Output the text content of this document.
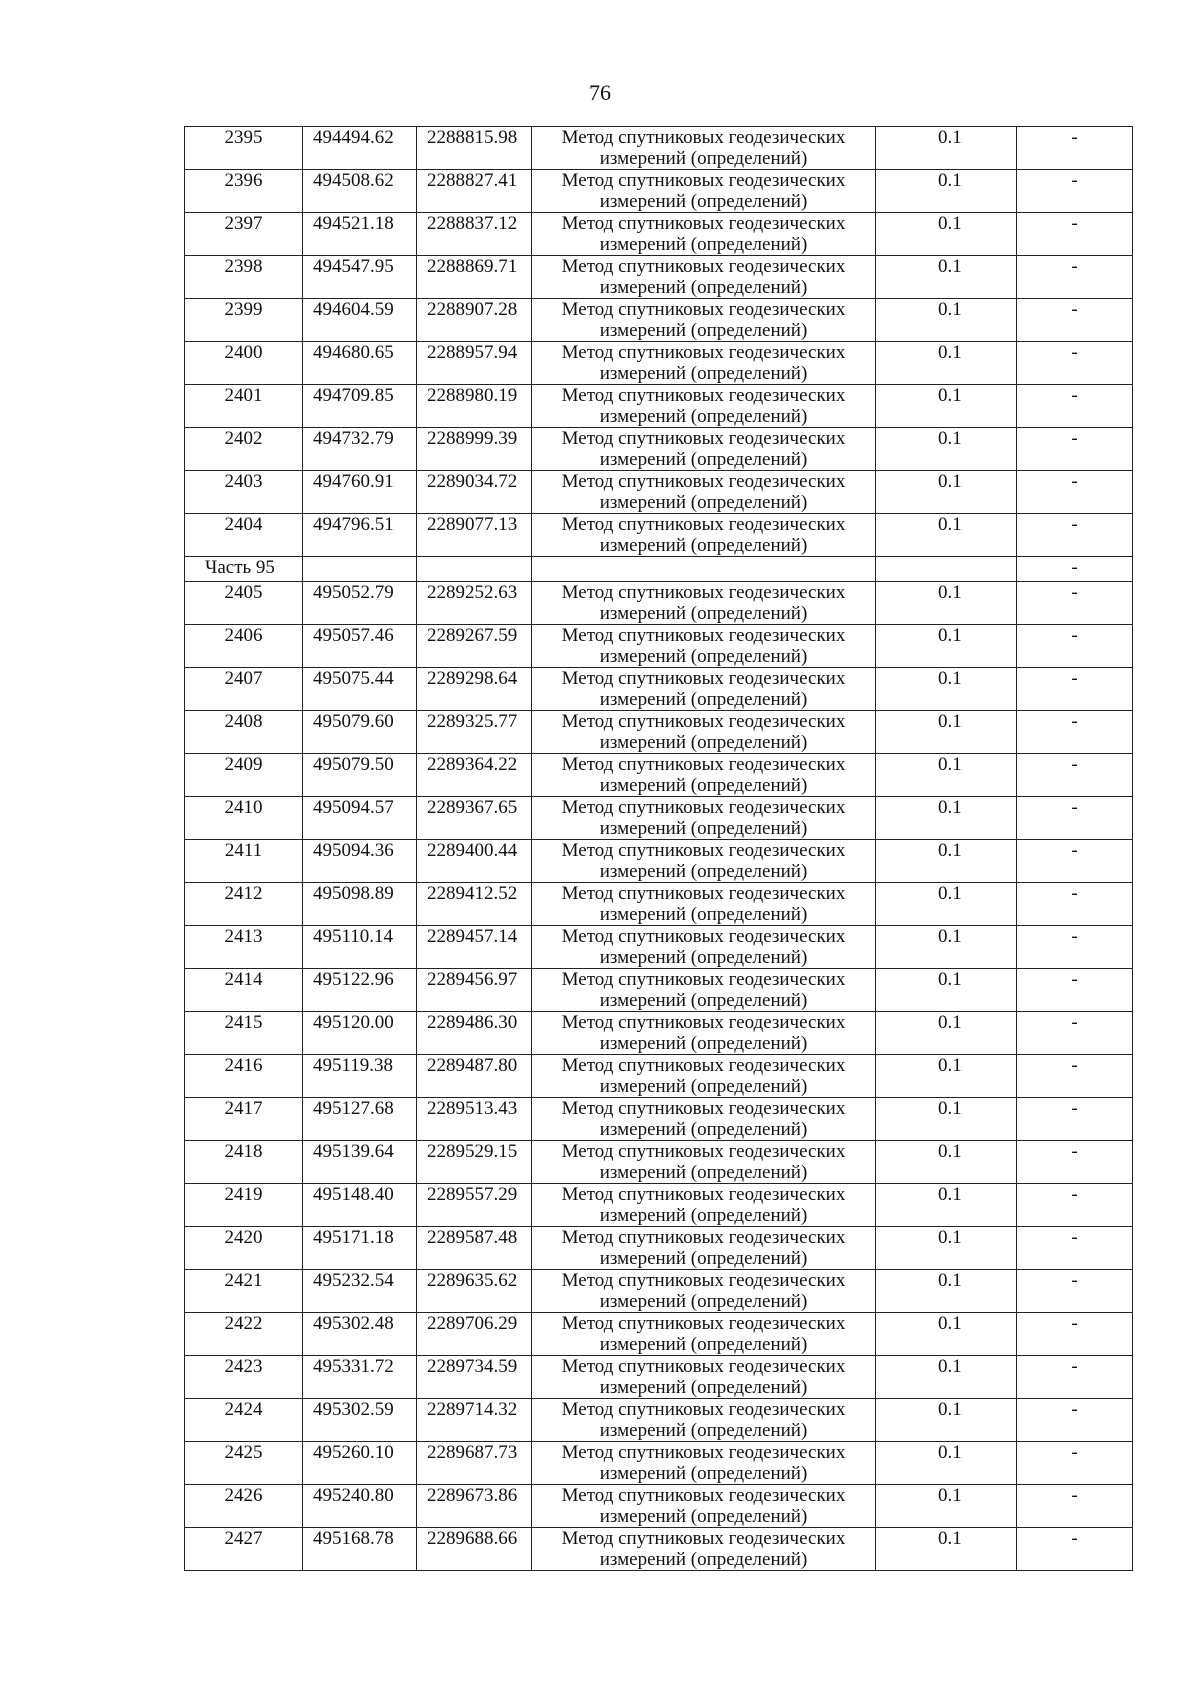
76
2395	494494.62	2288815.98	Метод спутниковых геодезических
измерений (определений)	0.1	-
2396	494508.62	2288827.41	Метод спутниковых геодезических
измерений (определений)	0.1	-
2397	494521.18	2288837.12	Метод спутниковых геодезических
измерений (определений)	0.1	-
2398	494547.95	2288869.71	Метод спутниковых геодезических
измерений (определений)	0.1	-
2399	494604.59	2288907.28	Метод спутниковых геодезических
измерений (определений)	0.1	-
2400	494680.65	2288957.94	Метод спутниковых геодезических
измерений (определений)	0.1	-
2401	494709.85	2288980.19	Метод спутниковых геодезических
измерений (определений)	0.1	-
2402	494732.79	2288999.39	Метод спутниковых геодезических
измерений (определений)	0.1	-
2403	494760.91	2289034.72	Метод спутниковых геодезических
измерений (определений)	0.1	-
2404	494796.51	2289077.13	Метод спутниковых геодезических
измерений (определений)	0.1	-
Часть 95					-
2405	495052.79	2289252.63	Метод спутниковых геодезических
измерений (определений)	0.1	-
2406	495057.46	2289267.59	Метод спутниковых геодезических
измерений (определений)	0.1	-
2407	495075.44	2289298.64	Метод спутниковых геодезических
измерений (определений)	0.1	-
2408	495079.60	2289325.77	Метод спутниковых геодезических
измерений (определений)	0.1	-
2409	495079.50	2289364.22	Метод спутниковых геодезических
измерений (определений)	0.1	-
2410	495094.57	2289367.65	Метод спутниковых геодезических
измерений (определений)	0.1	-
2411	495094.36	2289400.44	Метод спутниковых геодезических
измерений (определений)	0.1	-
2412	495098.89	2289412.52	Метод спутниковых геодезических
измерений (определений)	0.1	-
2413	495110.14	2289457.14	Метод спутниковых геодезических
измерений (определений)	0.1	-
2414	495122.96	2289456.97	Метод спутниковых геодезических
измерений (определений)	0.1	-
2415	495120.00	2289486.30	Метод спутниковых геодезических
измерений (определений)	0.1	-
2416	495119.38	2289487.80	Метод спутниковых геодезических
измерений (определений)	0.1	-
2417	495127.68	2289513.43	Метод спутниковых геодезических
измерений (определений)	0.1	-
2418	495139.64	2289529.15	Метод спутниковых геодезических
измерений (определений)	0.1	-
2419	495148.40	2289557.29	Метод спутниковых геодезических
измерений (определений)	0.1	-
2420	495171.18	2289587.48	Метод спутниковых геодезических
измерений (определений)	0.1	-
2421	495232.54	2289635.62	Метод спутниковых геодезических
измерений (определений)	0.1	-
2422	495302.48	2289706.29	Метод спутниковых геодезических
измерений (определений)	0.1	-
2423	495331.72	2289734.59	Метод спутниковых геодезических
измерений (определений)	0.1	-
2424	495302.59	2289714.32	Метод спутниковых геодезических
измерений (определений)	0.1	-
2425	495260.10	2289687.73	Метод спутниковых геодезических
измерений (определений)	0.1	-
2426	495240.80	2289673.86	Метод спутниковых геодезических
измерений (определений)	0.1	-
2427	495168.78	2289688.66	Метод спутниковых геодезических
измерений (определений)	0.1	-
